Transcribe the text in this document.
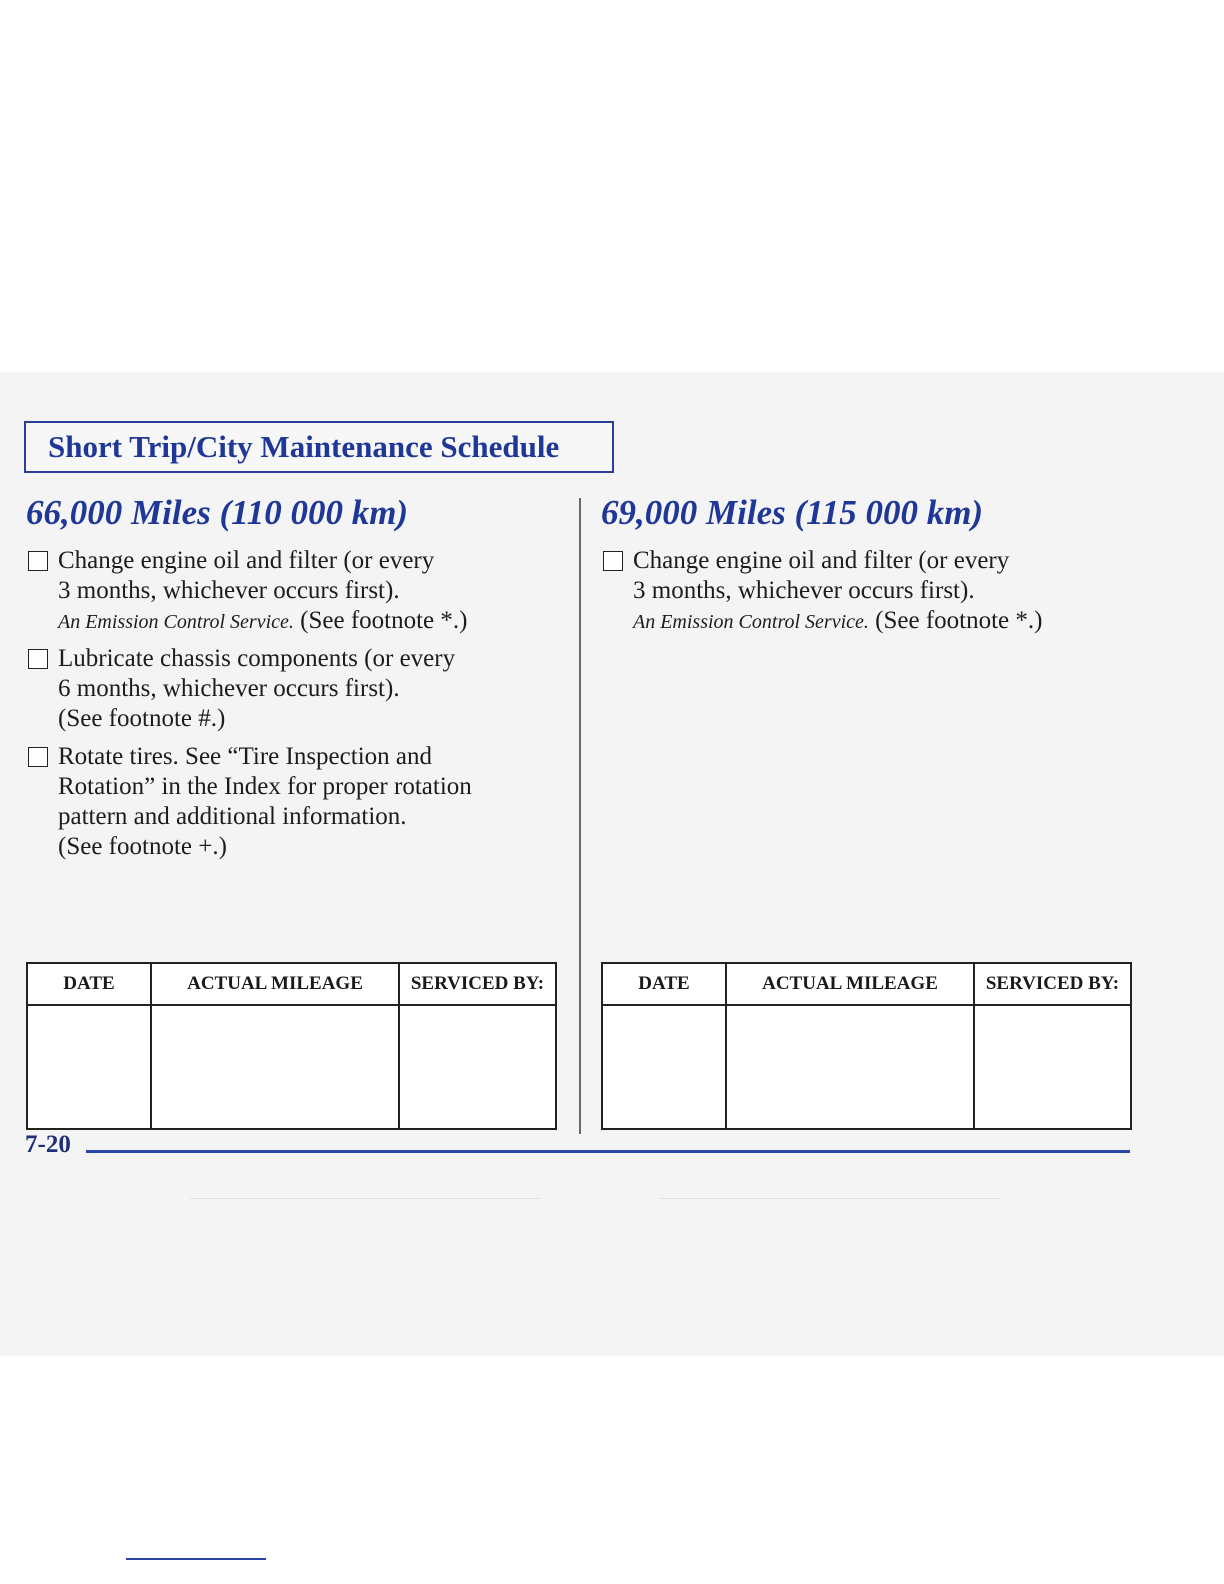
Short Trip/City Maintenance Schedule
66,000 Miles (110 000 km)
Change engine oil and filter (or every
3 months, whichever occurs first).
An Emission Control Service. (See footnote *.)
Lubricate chassis components (or every
6 months, whichever occurs first).
(See footnote #.)
Rotate tires. See “Tire Inspection and
Rotation” in the Index for proper rotation
pattern and additional information.
(See footnote +.)
DATE	ACTUAL MILEAGE	SERVICED BY:

69,000 Miles (115 000 km)
Change engine oil and filter (or every
3 months, whichever occurs first).
An Emission Control Service. (See footnote *.)
DATE	ACTUAL MILEAGE	SERVICED BY:

7-20
